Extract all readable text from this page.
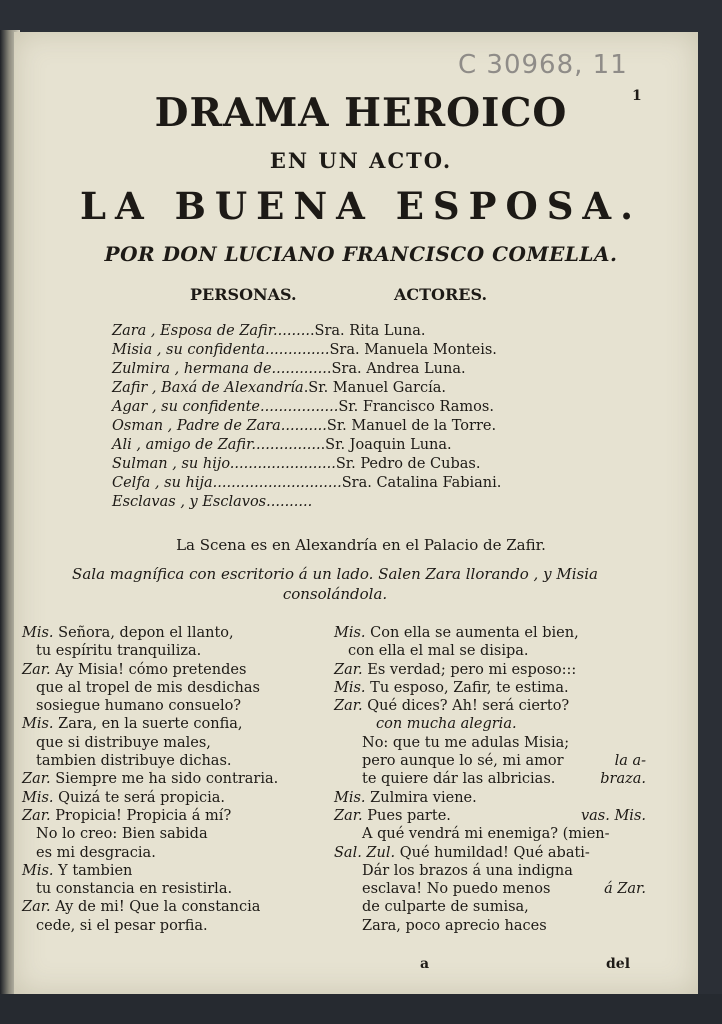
C 30968, 11
1
DRAMA HEROICO
EN UN ACTO.
LA BUENA ESPOSA.
POR DON LUCIANO FRANCISCO COMELLA.
PERSONAS.	ACTORES.
Zara , Esposa de Zafir.........Sra. Rita Luna.
Misia , su confidenta..............Sra. Manuela Monteis.
Zulmira , hermana de.............Sra. Andrea Luna.
Zafir , Baxá de Alexandría.Sr. Manuel García.
Agar , su confidente.................Sr. Francisco Ramos.
Osman , Padre de Zara..........Sr. Manuel de la Torre.
Ali , amigo de Zafir................Sr. Joaquin Luna.
Sulman , su hijo.......................Sr. Pedro de Cubas.
Celfa , su hija............................Sra. Catalina Fabiani.
Esclavas , y Esclavos..........
La Scena es en Alexandría en el Palacio de Zafir.
Sala magnífica con escritorio á un lado. Salen Zara llorando , y Misia consolándola.
Mis. Señora, depon el llanto,
tu espíritu tranquiliza.
Zar. Ay Misia! cómo pretendes
que al tropel de mis desdichas
sosiegue humano consuelo?
Mis. Zara, en la suerte confia,
que si distribuye males,
tambien distribuye dichas.
Zar. Siempre me ha sido contraria.
Mis. Quizá te será propicia.
Zar. Propicia! Propicia á mí?
No lo creo: Bien sabida
es mi desgracia.
Mis. Y tambien
tu constancia en resistirla.
Zar. Ay de mi! Que la constancia
cede, si el pesar porfia.
Mis. Con ella se aumenta el bien,
con ella el mal se disipa.
Zar. Es verdad; pero mi esposo:::
Mis. Tu esposo, Zafir, te estima.
Zar. Qué dices? Ah! será cierto?
con mucha alegria.
No: que tu me adulas Misia;
pero aunque lo sé, mi amor	la a-
te quiere dár las albricias.	braza.
Mis. Zulmira viene.
Zar. Pues parte.	vas. Mis.
A qué vendrá mi enemiga? (mien-
Sal. Zul. Qué humildad! Qué abati-
Dár los brazos á una indigna
esclava! No puedo menos	á Zar.
de culparte de sumisa,
Zara, poco aprecio haces
a	del
